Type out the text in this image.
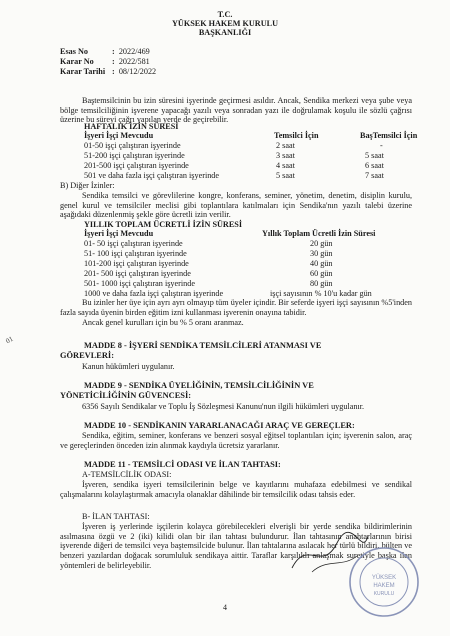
T.C.
YÜKSEK HAKEM KURULU
BAŞKANLIĞI
Esas No	: 2022/469
Karar No : 2022/581
Karar Tarihi : 08/12/2022

Baştemsilcinin bu izin süresini işyerinde geçirmesi asıldır. Ancak, Sendika merkezi veya şube veya bölge temsilciliğinin işverene yapacağı yazılı veya sonradan yazı ile doğrulamak koşulu ile sözlü çağrısı üzerine bu süreyi çağrı yapılan yerde de geçirebilir.

HAFTALIK İZİN SÜRESİ
İşyeri İşçi Mevcudu	Temsilci İçin	BaşTemsilci İçin
01-50 işçi çalıştıran işyerinde	2 saat	-
51-200 işçi çalıştıran işyerinde	3 saat	5 saat
201-500 işçi çalıştıran işyerinde	4 saat	6 saat
501 ve daha fazla işçi çalıştıran işyerinde	5 saat	7 saat
B) Diğer İzinler:

Sendika temsilci ve görevlilerine kongre, konferans, seminer, yönetim, denetim, disiplin kurulu, genel kurul ve temsilciler meclisi gibi toplantılara katılmaları için Sendika'nın yazılı talebi üzerine aşağıdaki düzenlenmiş şekle göre ücretli izin verilir.

YILLIK TOPLAM ÜCRETLİ İZİN SÜRESİ
İşyeri İşçi Mevcudu	Yıllık Toplam Ücretli İzin Süresi
01- 50 işçi çalıştıran işyerinde	20 gün
51- 100 işçi çalıştıran işyerinde	30 gün
101-200 işçi çalıştıran işyerinde	40 gün
201- 500 işçi çalıştıran işyerinde	60 gün
501- 1000 işçi çalıştıran işyerinde	80 gün
1000 ve daha fazla işçi çalıştıran işyerinde	işçi sayısının % 10'u kadar gün

Bu izinler her üye için ayrı ayrı olmayıp tüm üyeler içindir. Bir seferde işyeri işçi sayısının %5'inden fazla sayıda üyenin birden eğitim izni kullanması işverenin onayına tabidir.

Ancak genel kurulları için bu % 5 oranı aranmaz.

MADDE 8 - İŞYERİ SENDİKA TEMSİLCİLERİ ATANMASI VE
GÖREVLERİ:
Kanun hükümleri uygulanır.
MADDE 9 - SENDİKA ÜYELİĞİNİN, TEMSİLCİLİĞİNİN VE
YÖNETİCİLİĞİNİN GÜVENCESİ:
6356 Sayılı Sendikalar ve Toplu İş Sözleşmesi Kanunu'nun ilgili hükümleri uygulanır.
MADDE 10 - SENDİKANIN YARARLANACAĞI ARAÇ VE GEREÇLER:

Sendika, eğitim, seminer, konferans ve benzeri sosyal eğitsel toplantıları için; işverenin salon, araç ve gereçlerinden önceden izin alınmak kaydıyla ücretsiz yararlanır.

MADDE 11 - TEMSİLCİ ODASI VE İLAN TAHTASI:
A-TEMSİLCİLİK ODASI:

İşveren, sendika işyeri temsilcilerinin belge ve kayıtlarını muhafaza edebilmesi ve sendikal çalışmalarını kolaylaştırmak amacıyla olanaklar dâhilinde bir temsilcilik odası tahsis eder.

B- İLAN TAHTASI:

İşveren iş yerlerinde işçilerin kolayca görebilecekleri elverişli bir yerde sendika bildirimlerinin asılmasına özgü ve 2 (iki) kilidi olan bir ilan tahtası bulundurur. İlan tahtasının anahtarlarının birisi işverende diğeri de temsilci veya baştemsilcide bulunur. İlan tahtalarına asılacak her türlü bildiri, bülten ve benzeri yazılardan doğacak sorumluluk sendikaya aittir. Taraflar karşılıklı anlaşmak suretiyle başka ilan yöntemleri de belirleyebilir.

01
YÜKSEK
HAKEM
KURULU
4
